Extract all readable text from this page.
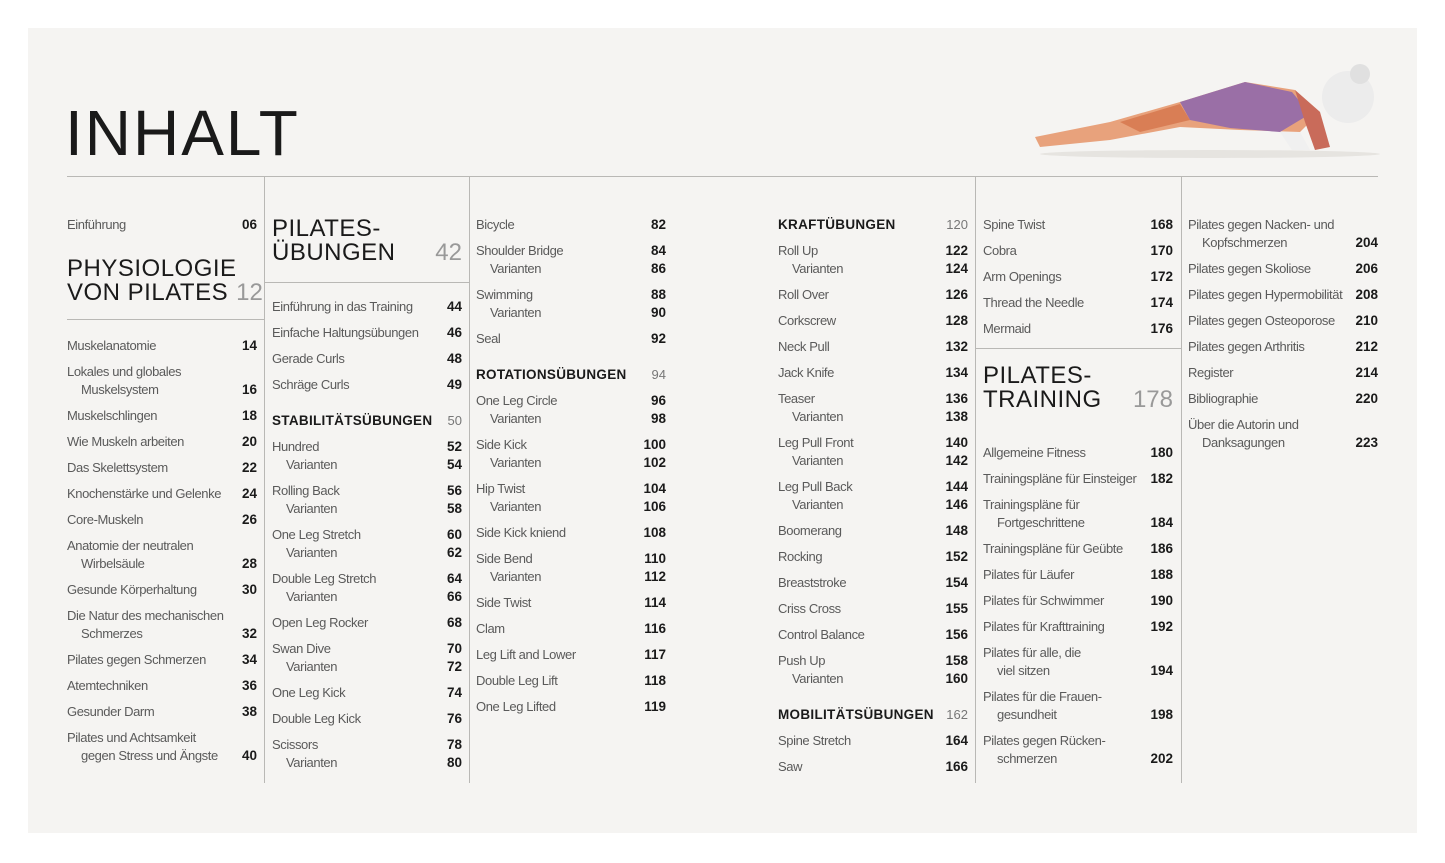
INHALT
Einführung	06
PHYSIOLOGIE
VON PILATES 12
Muskelanatomie	14
Lokales und globales
Muskelsystem	16
Muskelschlingen	18
Wie Muskeln arbeiten	20
Das Skelettsystem	22
Knochenstärke und Gelenke 24
Core-Muskeln	26
Anatomie der neutralen
Wirbelsäule	28
Gesunde Körperhaltung	30
Die Natur des mechanischen
Schmerzes	32
Pilates gegen Schmerzen	34
Atemtechniken	36
Gesunder Darm	38
Pilates und Achtsamkeit
gegen Stress und Ängste 40
PILATES-
ÜBUNGEN 42
Einführung in das Training	44
Einfache Haltungsübungen 46
Gerade Curls	48
Schräge Curls	49
STABILITÄTSÜBUNGEN 50
Hundred	52
Varianten	54
Rolling Back	56
Varianten	58
One Leg Stretch	60
Varianten	62
Double Leg Stretch	64
Varianten	66
Open Leg Rocker	68
Swan Dive	70
Varianten	72
One Leg Kick	74
Double Leg Kick	76
Scissors	78
Varianten	80
Bicycle	82
Shoulder Bridge	84
Varianten	86
Swimming	88
Varianten	90
Seal	92
ROTATIONSÜBUNGEN 94
One Leg Circle	96
Varianten	98
Side Kick	100
Varianten	102
Hip Twist	104
Varianten	106
Side Kick kniend	108
Side Bend	110
Varianten	112
Side Twist	114
Clam	116
Leg Lift and Lower	117
Double Leg Lift	118
One Leg Lifted	119
KRAFTÜBUNGEN	120
Roll Up	122
Varianten	124
Roll Over	126
Corkscrew	128
Neck Pull	132
Jack Knife	134
Teaser	136
Varianten	138
Leg Pull Front	140
Varianten	142
Leg Pull Back	144
Varianten	146
Boomerang	148
Rocking	152
Breaststroke	154
Criss Cross	155
Control Balance	156
Push Up	158
Varianten	160
MOBILITÄTSÜBUNGEN 162
Spine Stretch	164
Saw	166
Spine Twist	168
Cobra	170
Arm Openings	172
Thread the Needle	174
Mermaid	176
PILATES-
TRAINING 178
Allgemeine Fitness	180
Trainingspläne für Einsteiger 182
Trainingspläne für
Fortgeschrittene	184
Trainingspläne für Geübte 186
Pilates für Läufer	188
Pilates für Schwimmer	190
Pilates für Krafttraining	192
Pilates für alle, die
viel sitzen	194
Pilates für die Frauen-
gesundheit	198
Pilates gegen Rücken-
schmerzen	202
Pilates gegen Nacken- und
Kopfschmerzen	204
Pilates gegen Skoliose	206
Pilates gegen Hypermobilität 208
Pilates gegen Osteoporose 210
Pilates gegen Arthritis	212
Register	214
Bibliographie	220
Über die Autorin und
Danksagungen	223
